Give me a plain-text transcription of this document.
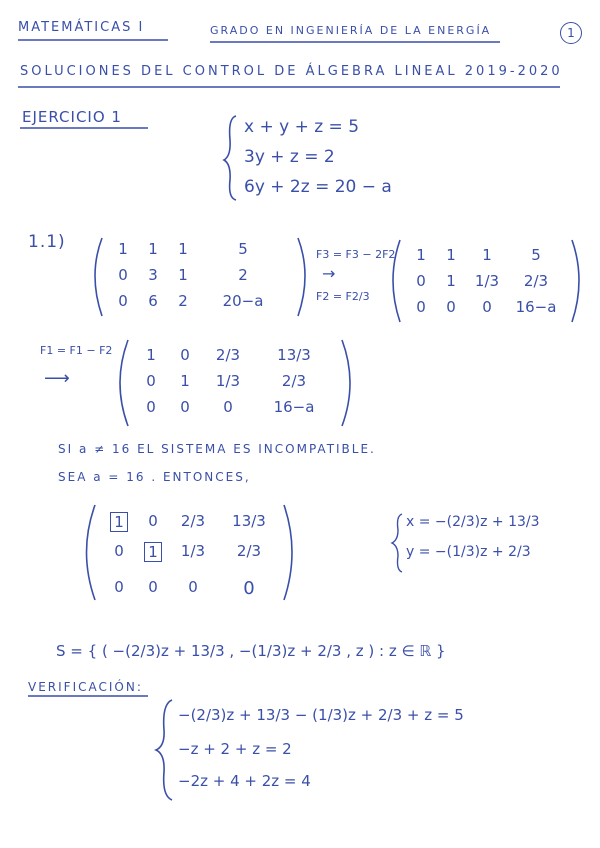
MATEMÁTICAS I	GRADO EN INGENIERÍA DE LA ENERGÍA	1
SOLUCIONES DEL CONTROL DE ÁLGEBRA LINEAL 2019-2020
EJERCICIO 1	x + y + z = 5
3y + z = 2
6y + 2z = 20 − a
1.1)	1	1	1	5
0	3	1	2
0	6	2	20−a
F3 = F3 − 2F2
→
F2 = F2/3
1	1	1	5
0	1	1/3	2/3
0	0	0	16−a
F1 = F1 − F2
⟶
1	0	2/3	13/3
0	1	1/3	2/3
0	0	0	16−a
SI a ≠ 16 EL SISTEMA ES INCOMPATIBLE.
SEA a = 16 . ENTONCES,
1	0	2/3	13/3
0	1	1/3	2/3
0	0	0	0
x = −(2/3)z + 13/3
y = −(1/3)z + 2/3
S = { ( −(2/3)z + 13/3 , −(1/3)z + 2/3 , z ) : z ∈ ℝ }
VERIFICACIÓN:
−(2/3)z + 13/3 − (1/3)z + 2/3 + z = 5
−z + 2 + z = 2
−2z + 4 + 2z = 4
